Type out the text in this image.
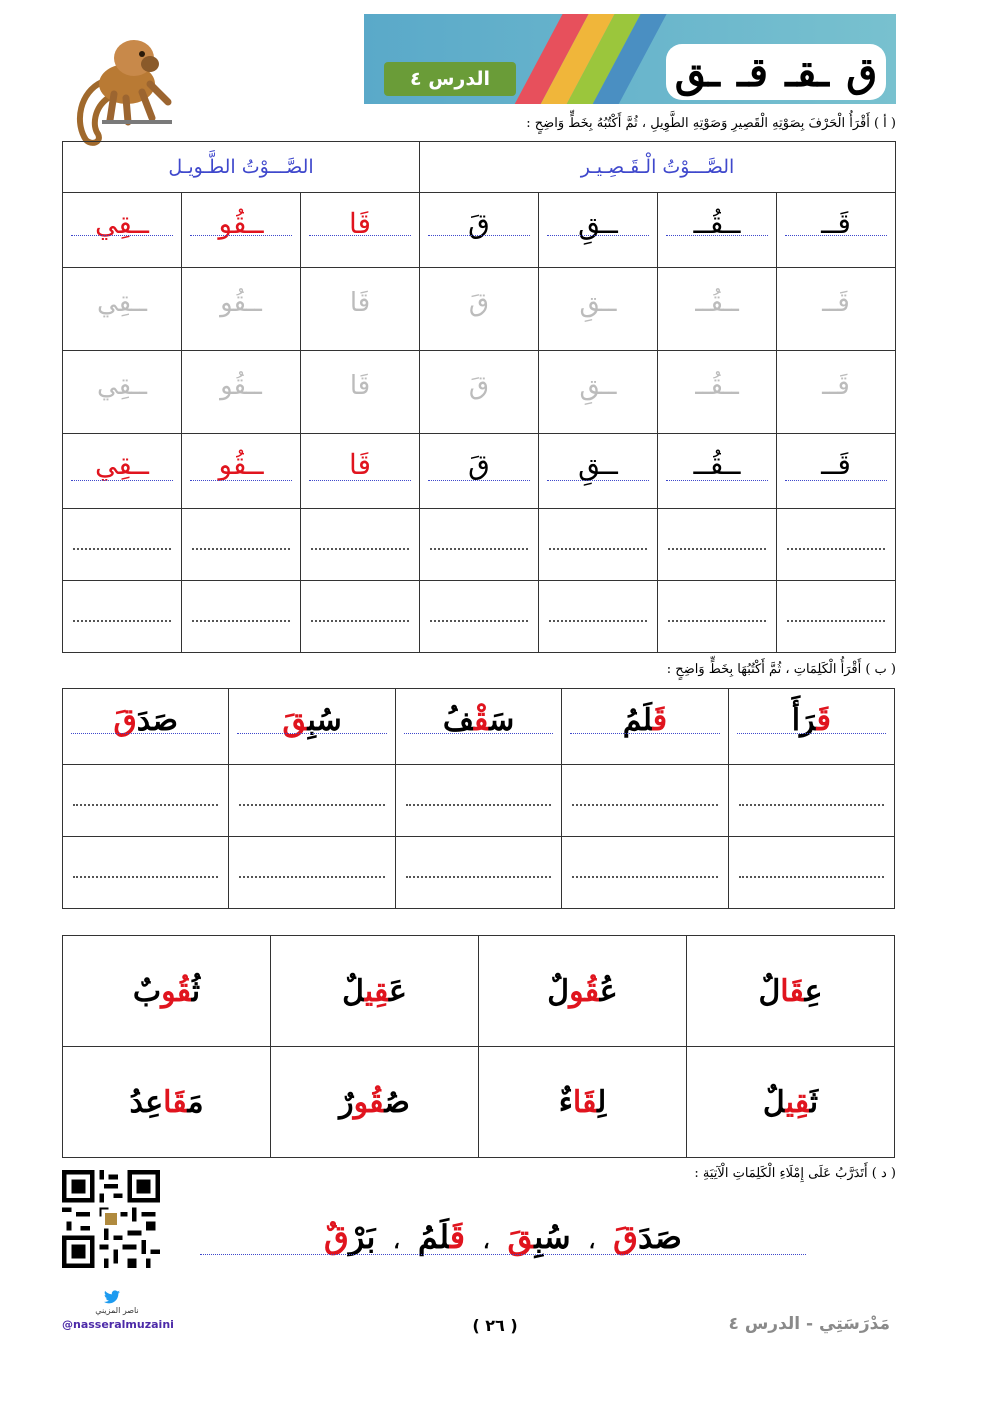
الدرس ٤	ق
ـقـ
قـ
ـق
( أ ) أَقْرَأُ الْحَرْفَ بِصَوْتِهِ الْقَصِيرِ وَصَوْتِهِ الطَّوِيلِ ، ثُمَّ أَكْتُبُهُ بِخَطٍّ وَاضِحٍ :
الصَّـــوْتُ الْـقَـصِـيـر				الصَّـــوْتُ الطَّـويـل		

قَــ	ــقُــ	ــقِ	قَ	قَا	ــقُو	ــقِي

قَــ	ــقُــ	ــقِ	قَ	قَا	ــقُو	ــقِي

قَــ	ــقُــ	ــقِ	قَ	قَا	ــقُو	ــقِي

قَــ	ــقُــ	ــقِ	قَ	قَا	ــقُو	ــقِي

( ب ) أَقْرَأُ الْكَلِمَاتِ ، ثُمَّ أَكْتُبُهَا بِخَطٍّ وَاضِحٍ :
قَرَأَ	قَلَمُ	سَقْفُ	سُبِقَ	صَدَقَ

عِقَالٌ	عُقُولٌ	عَقِيلٌ	ثُقُوبٌ
ثَقِيلٌ	لِقَاءٌ	صُقُورٌ	مَقَاعِدُ
( د ) أَتَدَرَّبُ عَلَى إِمْلَاءِ الْكَلِمَاتِ الْآتِيَةِ :
صَدَقَ،سُبِقَ،قَلَمُ،بَرْقٌ
ناصر المزيني
@nasseralmuzaini	( ٢٦ )	مَدْرَسَتِي - الدرس ٤
